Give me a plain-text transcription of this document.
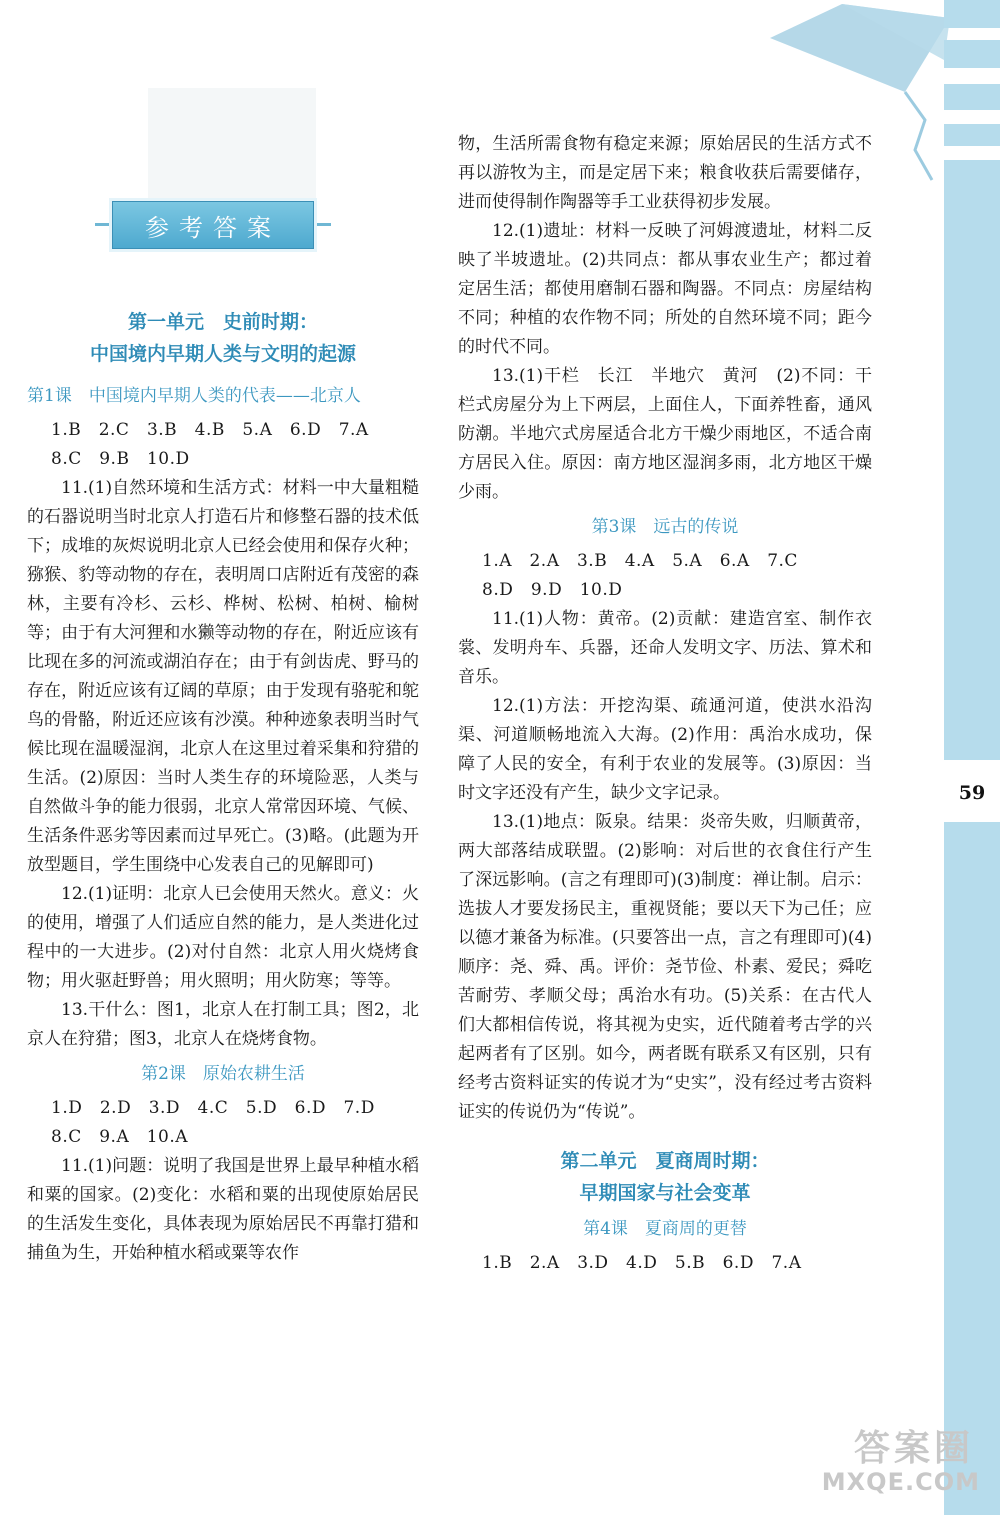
59
参考答案
第一单元　史前时期：
中国境内早期人类与文明的起源
第1课　中国境内早期人类的代表——北京人

1.B　2.C　3.B　4.B　5.A　6.D　7.A

8.C　9.B　10.D

11.(1)自然环境和生活方式：材料一中大量粗糙的石器说明当时北京人打造石片和修整石器的技术低下；成堆的灰烬说明北京人已经会使用和保存火种；猕猴、豹等动物的存在，表明周口店附近有茂密的森林，主要有冷杉、云杉、桦树、松树、柏树、榆树等；由于有大河狸和水獭等动物的存在，附近应该有比现在多的河流或湖泊存在；由于有剑齿虎、野马的存在，附近应该有辽阔的草原；由于发现有骆驼和鸵鸟的骨骼，附近还应该有沙漠。种种迹象表明当时气候比现在温暖湿润，北京人在这里过着采集和狩猎的生活。(2)原因：当时人类生存的环境险恶，人类与自然做斗争的能力很弱，北京人常常因环境、气候、生活条件恶劣等因素而过早死亡。(3)略。(此题为开放型题目，学生围绕中心发表自己的见解即可)

12.(1)证明：北京人已会使用天然火。意义：火的使用，增强了人们适应自然的能力，是人类进化过程中的一大进步。(2)对付自然：北京人用火烧烤食物；用火驱赶野兽；用火照明；用火防寒；等等。

13.干什么：图1，北京人在打制工具；图2，北京人在狩猎；图3，北京人在烧烤食物。

第2课　原始农耕生活

1.D　2.D　3.D　4.C　5.D　6.D　7.D

8.C　9.A　10.A

11.(1)问题：说明了我国是世界上最早种植水稻和粟的国家。(2)变化：水稻和粟的出现使原始居民的生活发生变化，具体表现为原始居民不再靠打猎和捕鱼为生，开始种植水稻或粟等农作

物，生活所需食物有稳定来源；原始居民的生活方式不再以游牧为主，而是定居下来；粮食收获后需要储存，进而使得制作陶器等手工业获得初步发展。

12.(1)遗址：材料一反映了河姆渡遗址，材料二反映了半坡遗址。(2)共同点：都从事农业生产；都过着定居生活；都使用磨制石器和陶器。不同点：房屋结构不同；种植的农作物不同；所处的自然环境不同；距今的时代不同。

13.(1)干栏　长江　半地穴　黄河　(2)不同：干栏式房屋分为上下两层，上面住人，下面养牲畜，通风防潮。半地穴式房屋适合北方干燥少雨地区，不适合南方居民入住。原因：南方地区湿润多雨，北方地区干燥少雨。

第3课　远古的传说

1.A　2.A　3.B　4.A　5.A　6.A　7.C

8.D　9.D　10.D

11.(1)人物：黄帝。(2)贡献：建造宫室、制作衣裳、发明舟车、兵器，还命人发明文字、历法、算术和音乐。

12.(1)方法：开挖沟渠、疏通河道，使洪水沿沟渠、河道顺畅地流入大海。(2)作用：禹治水成功，保障了人民的安全，有利于农业的发展等。(3)原因：当时文字还没有产生，缺少文字记录。

13.(1)地点：阪泉。结果：炎帝失败，归顺黄帝，两大部落结成联盟。(2)影响：对后世的衣食住行产生了深远影响。(言之有理即可)(3)制度：禅让制。启示：选拔人才要发扬民主，重视贤能；要以天下为己任；应以德才兼备为标准。(只要答出一点，言之有理即可)(4)顺序：尧、舜、禹。评价：尧节俭、朴素、爱民；舜吃苦耐劳、孝顺父母；禹治水有功。(5)关系：在古代人们大都相信传说，将其视为史实，近代随着考古学的兴起两者有了区别。如今，两者既有联系又有区别，只有经考古资料证实的传说才为“史实”，没有经过考古资料证实的传说仍为“传说”。

第二单元　夏商周时期：
早期国家与社会变革
第4课　夏商周的更替

1.B　2.A　3.D　4.D　5.B　6.D　7.A

答案圈
MXQE.COM
